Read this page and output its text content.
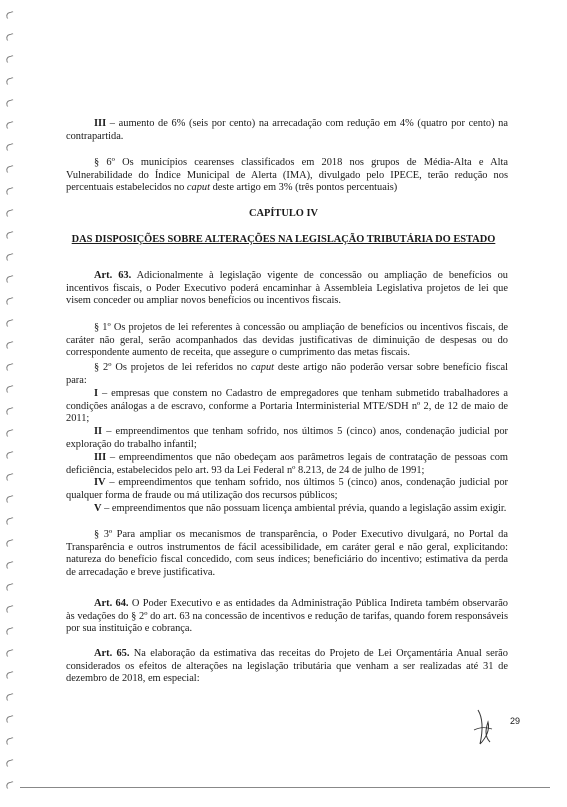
CAPÍTULO IV
DAS DISPOSIÇÕES SOBRE ALTERAÇÕES NA LEGISLAÇÃO TRIBUTÁRIA DO ESTADO
29

III – aumento de 6% (seis por cento) na arrecadação com redução em 4% (quatro por cento) na contrapartida.

§ 6º Os municípios cearenses classificados em 2018 nos grupos de Média-Alta e Alta Vulnerabilidade do Índice Municipal de Alerta (IMA), divulgado pelo IPECE, terão redução nos percentuais estabelecidos no caput deste artigo em 3% (três pontos percentuais)

Art. 63. Adicionalmente à legislação vigente de concessão ou ampliação de benefícios ou incentivos fiscais, o Poder Executivo poderá encaminhar à Assembleia Legislativa projetos de lei que visem conceder ou ampliar novos benefícios ou incentivos fiscais.

§ 1º Os projetos de lei referentes à concessão ou ampliação de benefícios ou incentivos fiscais, de caráter não geral, serão acompanhados das devidas justificativas de diminuição de despesas ou do correspondente aumento de receita, que assegure o cumprimento das metas fiscais.

§ 2º Os projetos de lei referidos no caput deste artigo não poderão versar sobre benefício fiscal para:

I – empresas que constem no Cadastro de empregadores que tenham submetido trabalhadores a condições análogas a de escravo, conforme a Portaria Interministerial MTE/SDH nº 2, de 12 de maio de 2011;

II – empreendimentos que tenham sofrido, nos últimos 5 (cinco) anos, condenação judicial por exploração do trabalho infantil;

III – empreendimentos que não obedeçam aos parâmetros legais de contratação de pessoas com deficiência, estabelecidos pelo art. 93 da Lei Federal nº 8.213, de 24 de julho de 1991;

IV – empreendimentos que tenham sofrido, nos últimos 5 (cinco) anos, condenação judicial por qualquer forma de fraude ou má utilização dos recursos públicos;

V – empreendimentos que não possuam licença ambiental prévia, quando a legislação assim exigir.

§ 3º Para ampliar os mecanismos de transparência, o Poder Executivo divulgará, no Portal da Transparência e outros instrumentos de fácil acessibilidade, em caráter geral e não geral, explicitando: natureza do benefício fiscal concedido, com seus índices; beneficiário do incentivo; estimativa da perda de arrecadação e breve justificativa.

Art. 64. O Poder Executivo e as entidades da Administração Pública Indireta também observarão às vedações do § 2º do art. 63 na concessão de incentivos e redução de tarifas, quando forem responsáveis por sua instituição e cobrança.

Art. 65. Na elaboração da estimativa das receitas do Projeto de Lei Orçamentária Anual serão considerados os efeitos de alterações na legislação tributária que venham a ser realizadas até 31 de dezembro de 2018, em especial:
